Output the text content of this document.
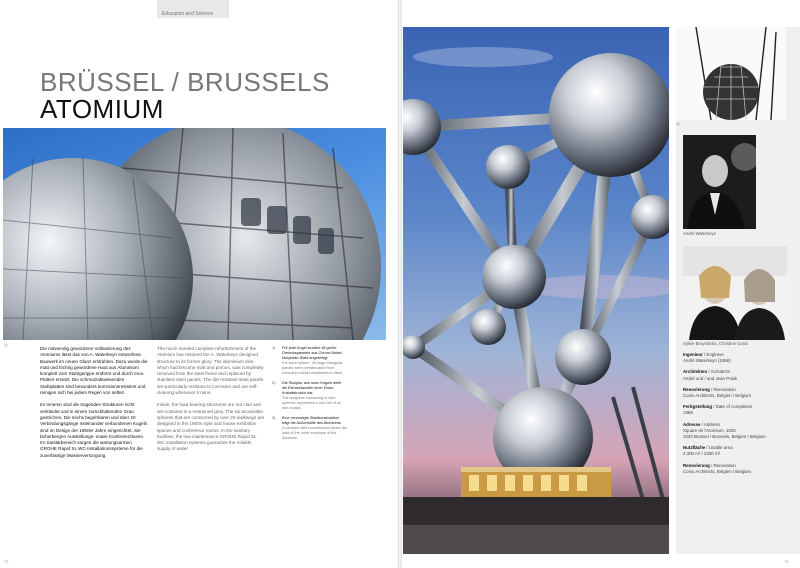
Education and Science
BRÜSSEL / BRUSSELS
ATOMIUM
1)

Die notwendig gewordene Vollsanierung des Atomiums lässt das von A. Waterkeyn entworfene Bauwerk im neuen Glanz erstrahlen. Dazu wurde die matt und löchrig gewordene Haut aus Aluminium komplett vom Stahlgerippe entfernt und durch Inox-Platten ersetzt. Die schmutzabweisenden Stahlplatten sind besonders korrosionsresistent und reinigen sich bei jedem Regen von selbst.

Im Inneren sind die tragenden Strukturen nicht verkleidet und in einem zurückhaltenden Grau gestrichen. Die sechs begehbaren und über 20 Verbindungsgänge miteinander verbundenen Kugeln sind im Design der 1950er Jahre eingerichtet. Sie beherbergen Ausstellungs- sowie Konferenzräume. Im Sanitärbereich sorgen die wartungsarmen GROHE Rapid SL WC-Installationssysteme für die zuverlässige Wasserversorgung.

The much needed complete refurbishment of the Atomium has restored the A. Waterkeyn designed structure to its former glory. The aluminium skin, which had become matt and porous, was completely removed from the steel frame and replaced by stainless steel panels. The dirt-resistant steel panels are particularly resistant to corrosion and are self-cleaning whenever it rains.

Inside, the load-bearing structures are not clad and are coloured in a restrained grey. The six accessible spheres that are connected by over 20 walkways are designed in the 1950s style and house exhibition spaces and conference rooms. In the sanitary facilities, the low-maintenance GROHE Rapid SL WC installation systems guarantee the reliable supply of water.

1) Für jede Kugel wurden 48 große Dreieckspaneele aus Chrom-Nickel-Molybdän-Stahl angefertigt.
For each sphere, 48 large triangular panels were prefabricated from chromium-nickel-molybdenum steel.
2) Die Skulptur aus neun Kugeln stellt die Elementarzelle einer Eisen-Kristallstruktur dar.
The sculpture consisting of nine spheres represents a unit cell of an iron crystal.
3) Eine verzweigte Stahlkonstruktion trägt die Außenhülle des Atomiums.
A complex steel construction bears the load of the outer envelope of the Atomium.
72
3)
André Waterkeyn
Sylvie Bruyninckx, Christine Conix
Ingenieur / Engineer
André Waterkeyn (1958)
Architekten / Architects
André und / and Jean Polak
Renovierung / Renovation
Conix Architects, Belgien / Belgium
Fertigstellung / Date of completion
1958
Adresse / Address
Square de l'Atomium, 1020
1020 Brüssel / Brussels, Belgien / Belgium
Nutzfläche / Usable area
2.300 m² / 2300 m²
Renovierung / Renovation
Conix Architects, Belgien / Belgium
73
